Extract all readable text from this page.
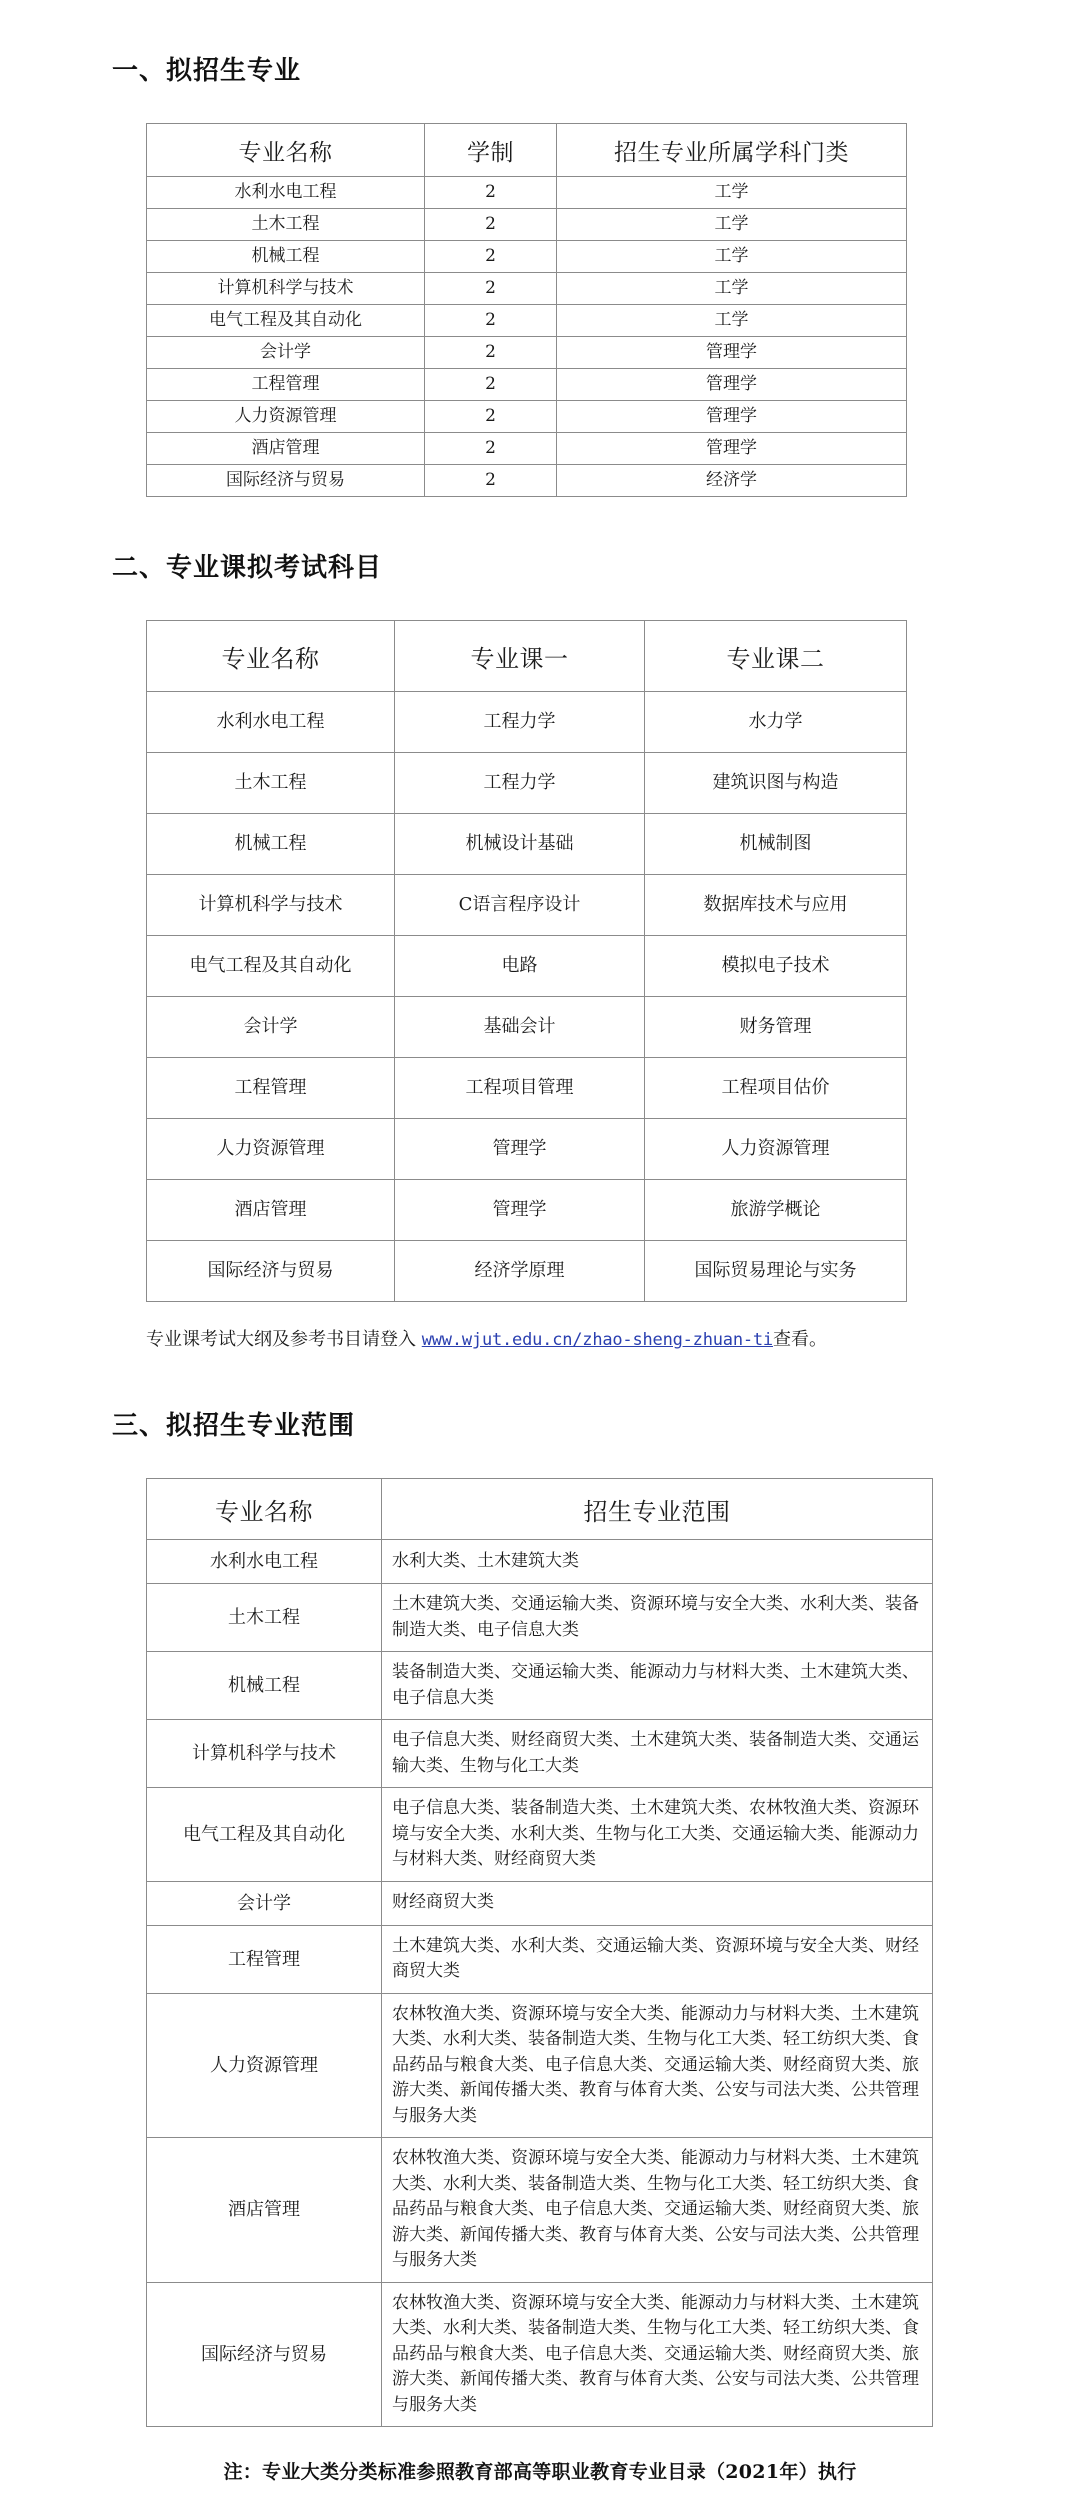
一、拟招生专业
专业名称	学制	招生专业所属学科门类
水利水电工程	2	工学
土木工程	2	工学
机械工程	2	工学
计算机科学与技术	2	工学
电气工程及其自动化	2	工学
会计学	2	管理学
工程管理	2	管理学
人力资源管理	2	管理学
酒店管理	2	管理学
国际经济与贸易	2	经济学
二、专业课拟考试科目
专业名称	专业课一	专业课二
水利水电工程	工程力学	水力学
土木工程	工程力学	建筑识图与构造
机械工程	机械设计基础	机械制图
计算机科学与技术	C语言程序设计	数据库技术与应用
电气工程及其自动化	电路	模拟电子技术
会计学	基础会计	财务管理
工程管理	工程项目管理	工程项目估价
人力资源管理	管理学	人力资源管理
酒店管理	管理学	旅游学概论
国际经济与贸易	经济学原理	国际贸易理论与实务

专业课考试大纲及参考书目请登入 www.wjut.edu.cn/zhao-sheng-zhuan-ti查看。

三、拟招生专业范围
专业名称	招生专业范围
水利水电工程	水利大类、土木建筑大类
土木工程	土木建筑大类、交通运输大类、资源环境与安全大类、水利大类、装备制造大类、电子信息大类
机械工程	装备制造大类、交通运输大类、能源动力与材料大类、土木建筑大类、电子信息大类
计算机科学与技术	电子信息大类、财经商贸大类、土木建筑大类、装备制造大类、交通运输大类、生物与化工大类
电气工程及其自动化	电子信息大类、装备制造大类、土木建筑大类、农林牧渔大类、资源环境与安全大类、水利大类、生物与化工大类、交通运输大类、能源动力与材料大类、财经商贸大类
会计学	财经商贸大类
工程管理	土木建筑大类、水利大类、交通运输大类、资源环境与安全大类、财经商贸大类
人力资源管理	农林牧渔大类、资源环境与安全大类、能源动力与材料大类、土木建筑大类、水利大类、装备制造大类、生物与化工大类、轻工纺织大类、食品药品与粮食大类、电子信息大类、交通运输大类、财经商贸大类、旅游大类、新闻传播大类、教育与体育大类、公安与司法大类、公共管理与服务大类
酒店管理	农林牧渔大类、资源环境与安全大类、能源动力与材料大类、土木建筑大类、水利大类、装备制造大类、生物与化工大类、轻工纺织大类、食品药品与粮食大类、电子信息大类、交通运输大类、财经商贸大类、旅游大类、新闻传播大类、教育与体育大类、公安与司法大类、公共管理与服务大类
国际经济与贸易	农林牧渔大类、资源环境与安全大类、能源动力与材料大类、土木建筑大类、水利大类、装备制造大类、生物与化工大类、轻工纺织大类、食品药品与粮食大类、电子信息大类、交通运输大类、财经商贸大类、旅游大类、新闻传播大类、教育与体育大类、公安与司法大类、公共管理与服务大类

注：专业大类分类标准参照教育部高等职业教育专业目录（2021年）执行
